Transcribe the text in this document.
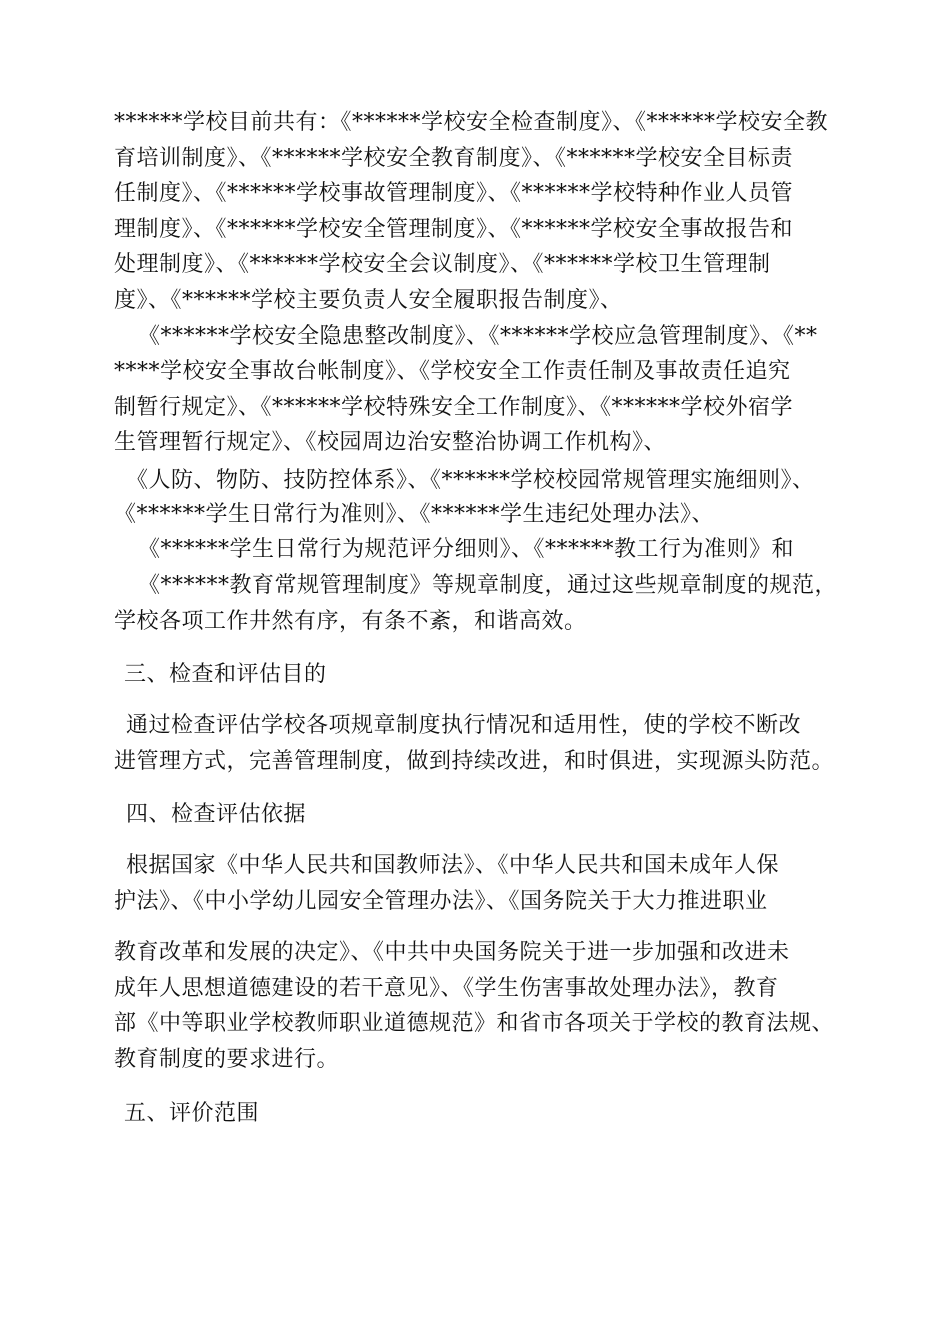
******学校目前共有：《******学校安全检查制度》、《******学校安全教
育培训制度》、《******学校安全教育制度》、《******学校安全目标责
任制度》、《******学校事故管理制度》、《******学校特种作业人员管
理制度》、《******学校安全管理制度》、《******学校安全事故报告和
处理制度》、《******学校安全会议制度》、《******学校卫生管理制
度》、《******学校主要负责人安全履职报告制度》、
《******学校安全隐患整改制度》、《******学校应急管理制度》、《**
****学校安全事故台帐制度》、《学校安全工作责任制及事故责任追究
制暂行规定》、《******学校特殊安全工作制度》、《******学校外宿学
生管理暂行规定》、《校园周边治安整治协调工作机构》、
《人防、物防、技防控体系》、《******学校校园常规管理实施细则》、
《******学生日常行为准则》、《******学生违纪处理办法》、
《******学生日常行为规范评分细则》、《******教工行为准则》和
《******教育常规管理制度》等规章制度，通过这些规章制度的规范，
学校各项工作井然有序，有条不紊，和谐高效。
三、检查和评估目的
通过检查评估学校各项规章制度执行情况和适用性，使的学校不断改
进管理方式，完善管理制度，做到持续改进，和时俱进，实现源头防范。
四、检查评估依据
根据国家《中华人民共和国教师法》、《中华人民共和国未成年人保
护法》、《中小学幼儿园安全管理办法》、《国务院关于大力推进职业
教育改革和发展的决定》、《中共中央国务院关于进一步加强和改进未
成年人思想道德建设的若干意见》、《学生伤害事故处理办法》，教育
部《中等职业学校教师职业道德规范》和省市各项关于学校的教育法规、
教育制度的要求进行。
五、评价范围
